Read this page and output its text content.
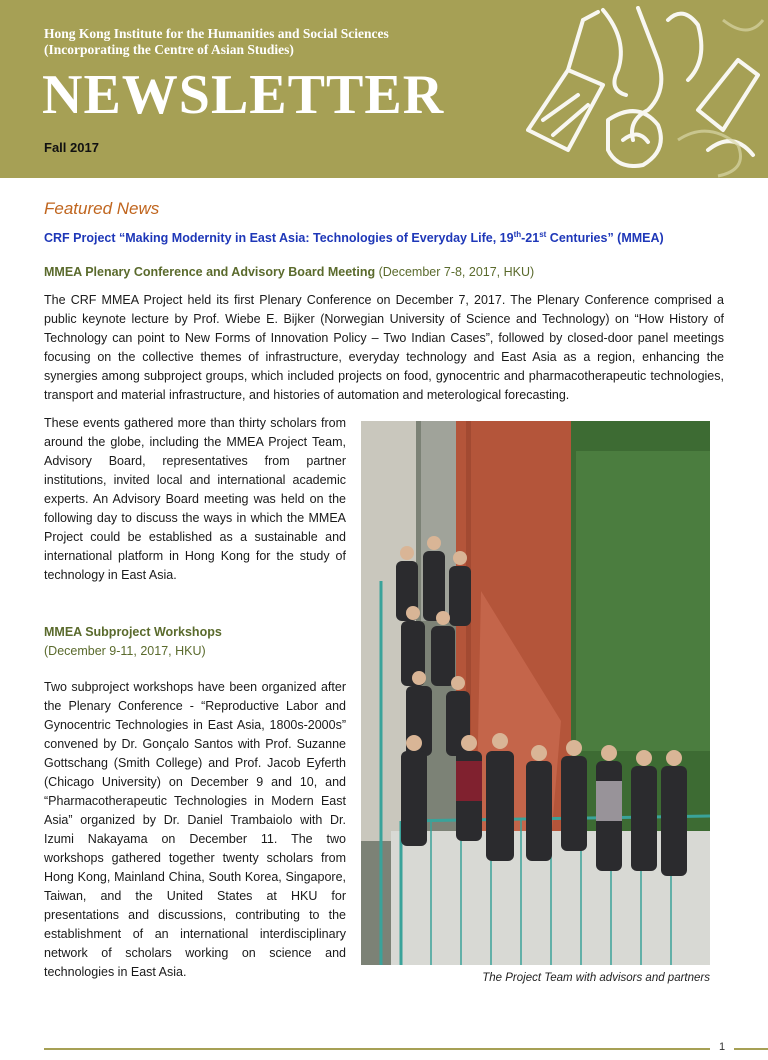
Hong Kong Institute for the Humanities and Social Sciences
(Incorporating the Centre of Asian Studies)
NEWSLETTER
Fall 2017
Featured News
CRF Project “Making Modernity in East Asia: Technologies of Everyday Life, 19th-21st Centuries” (MMEA)
MMEA Plenary Conference and Advisory Board Meeting (December 7-8, 2017, HKU)

The CRF MMEA Project held its first Plenary Conference on December 7, 2017. The Plenary Conference comprised a public keynote lecture by Prof. Wiebe E. Bijker (Norwegian University of Science and Technology) on “How History of Technology can point to New Forms of Innovation Policy – Two Indian Cases”, followed by closed-door panel meetings focusing on the collective themes of infrastructure, everyday technology and East Asia as a region, enhancing the synergies among subproject groups, which included projects on food, gynocentric and pharmacotherapeutic technologies, transport and material infrastructure, and histories of automation and meterological forecasting.

These events gathered more than thirty scholars from around the globe, including the MMEA Project Team, Advisory Board, representatives from partner institutions, invited local and international academic experts. An Advisory Board meeting was held on the following day to discuss the ways in which the MMEA Project could be established as a sustainable and international platform in Hong Kong for the study of technology in East Asia.

MMEA Subproject Workshops
(December 9-11, 2017, HKU)

Two subproject workshops have been organized after the Plenary Conference - “Reproductive Labor and Gynocentric Technologies in East Asia, 1800s-2000s” convened by Dr. Gonçalo Santos with Prof. Suzanne Gottschang (Smith College) and Prof. Jacob Eyferth (Chicago University) on December 9 and 10, and “Pharmacotherapeutic Technologies in Modern East Asia” organized by Dr. Daniel Trambaiolo with Dr. Izumi Nakayama on December 11. The two workshops gathered together twenty scholars from Hong Kong, Mainland China, South Korea, Singapore, Taiwan, and the United States at HKU for presentations and discussions, contributing to the establishment of an international interdisciplinary network of scholars working on science and technologies in East Asia.	The Project Team with advisors and partners
1
